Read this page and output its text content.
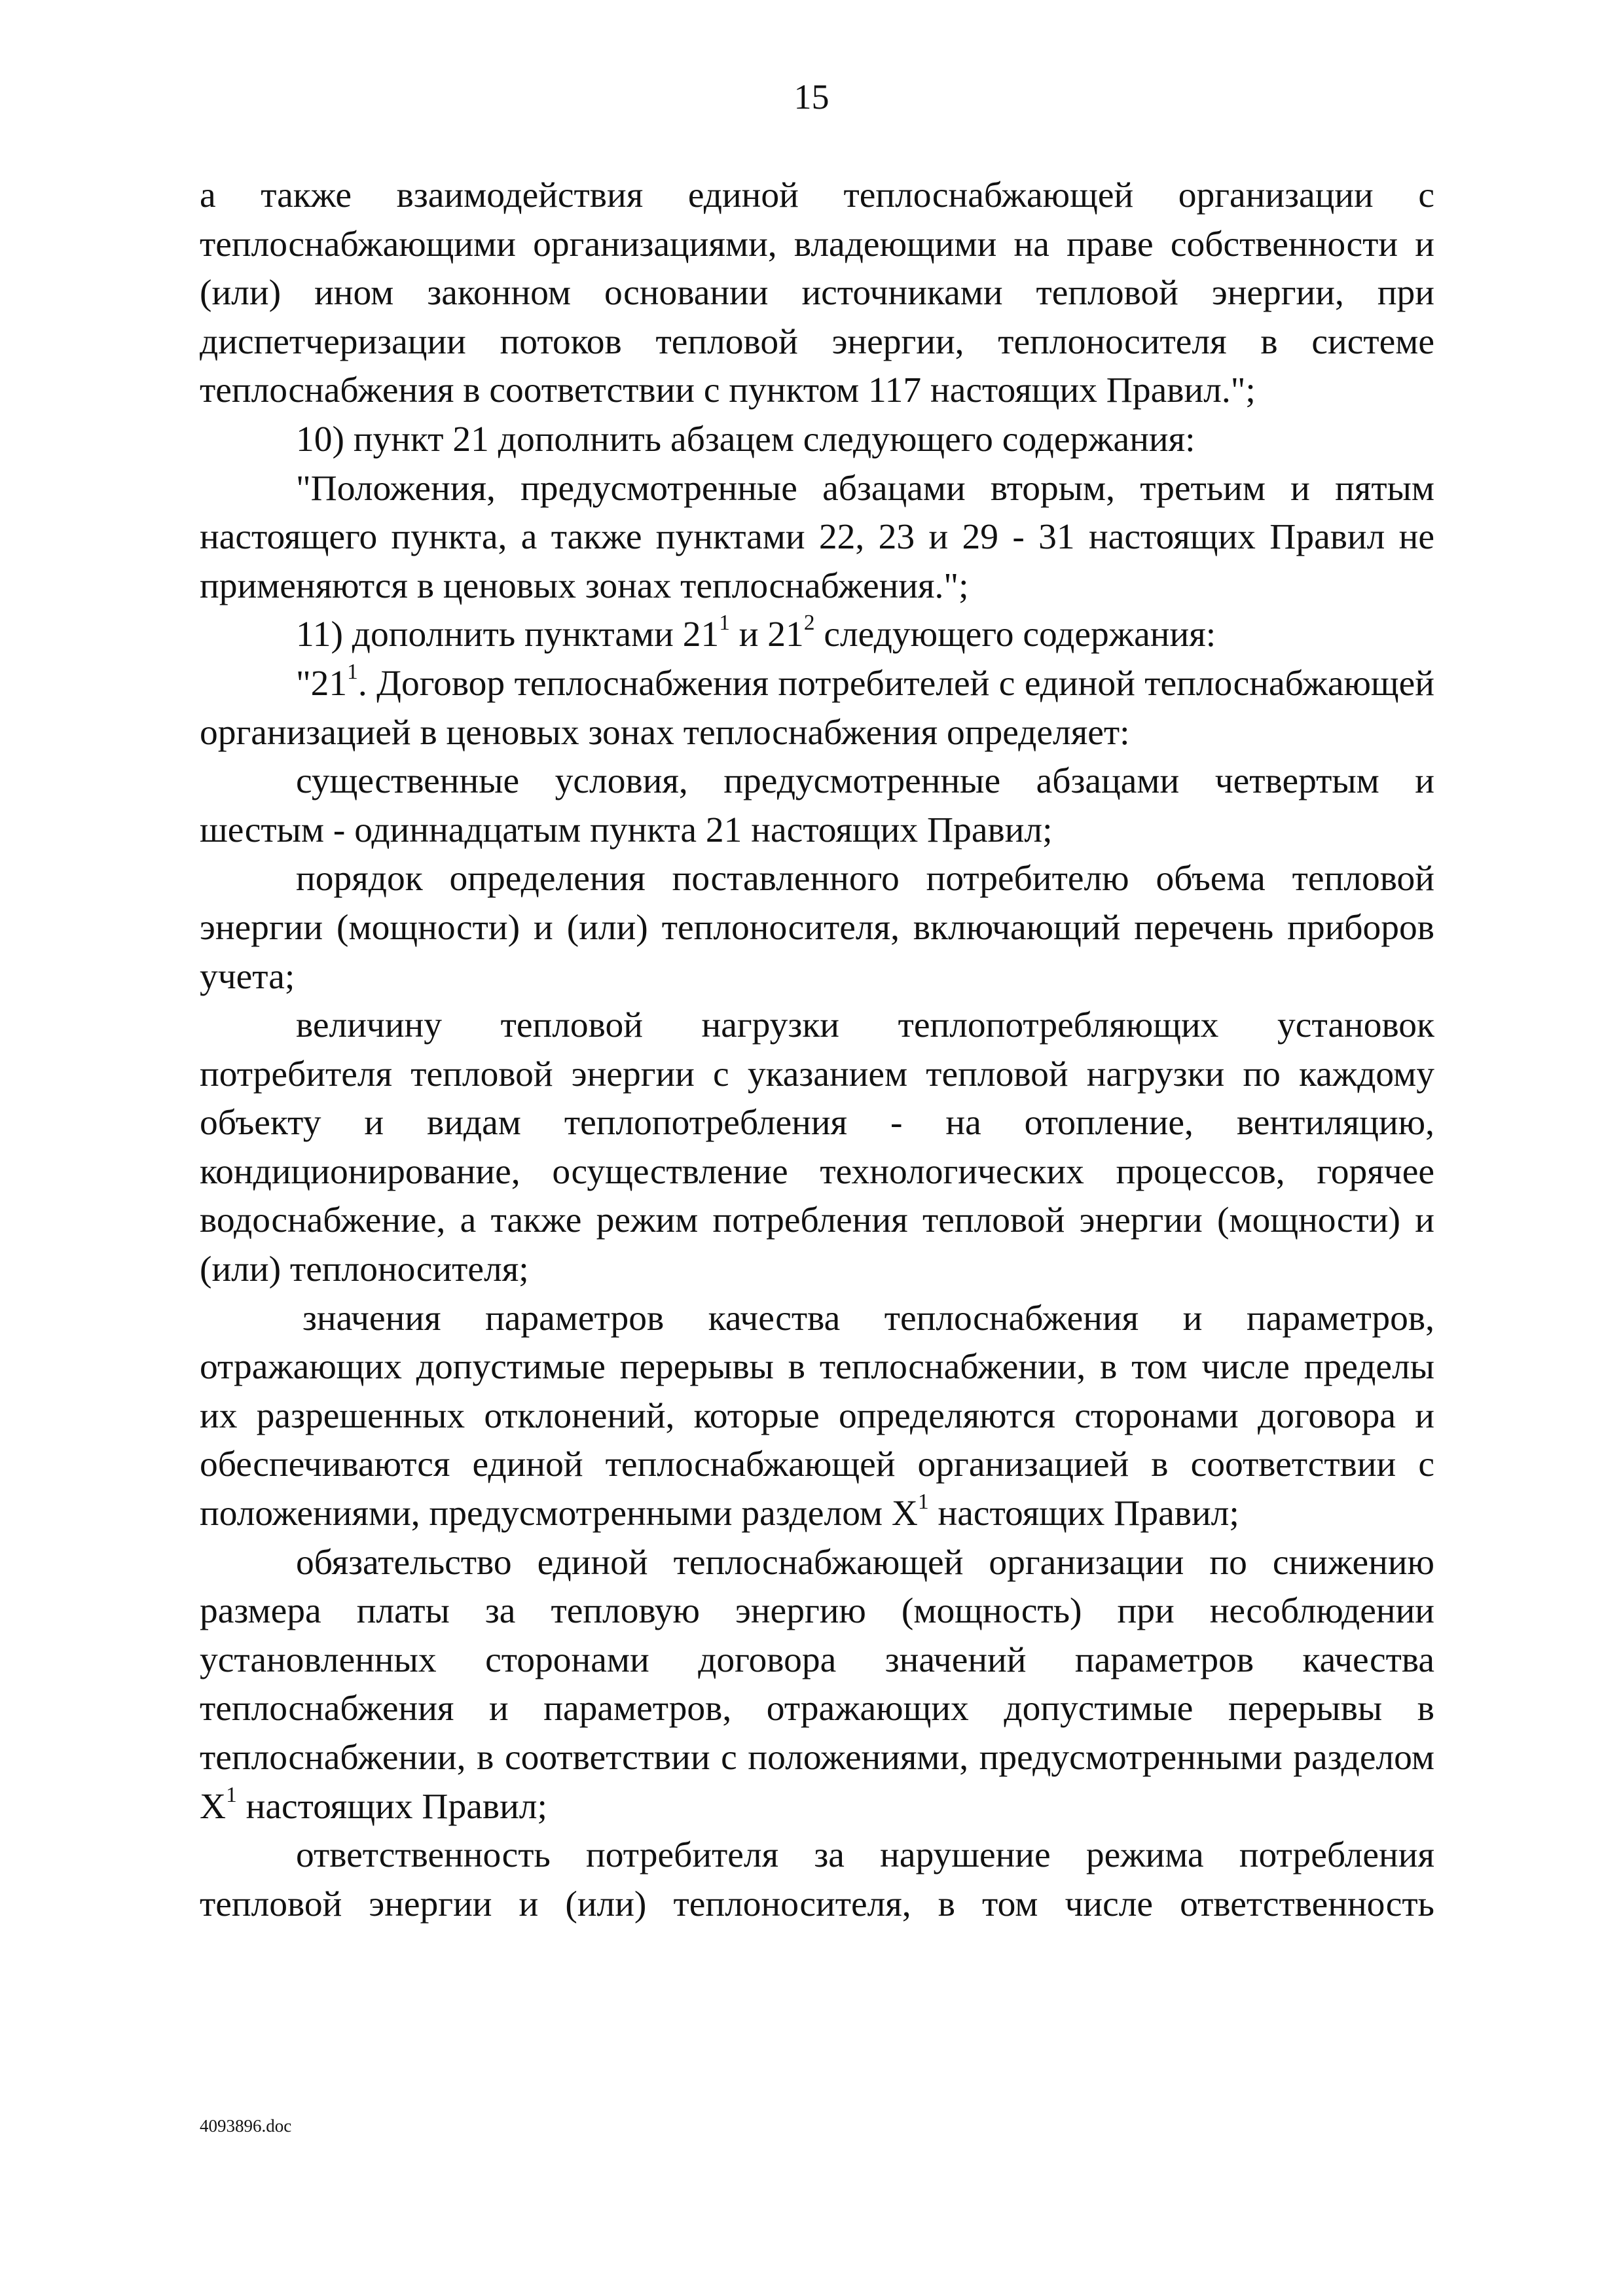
15

а также взаимодействия единой теплоснабжающей организации с теплоснабжающими организациями, владеющими на праве собственности и (или) ином законном основании источниками тепловой энергии, при диспетчеризации потоков тепловой энергии, теплоносителя в системе теплоснабжения в соответствии с пунктом 117 настоящих Правил.";

10) пункт 21 дополнить абзацем следующего содержания:

"Положения, предусмотренные абзацами вторым, третьим и пятым настоящего пункта, а также пунктами 22, 23 и 29 - 31 настоящих Правил не применяются в ценовых зонах теплоснабжения.";

11) дополнить пунктами $21^1$ и $21^2$ следующего содержания:

"$21^1$. Договор теплоснабжения потребителей с единой теплоснабжающей организацией в ценовых зонах теплоснабжения определяет:

существенные условия, предусмотренные абзацами четвертым и шестым - одиннадцатым пункта 21 настоящих Правил;

порядок определения поставленного потребителю объема тепловой энергии (мощности) и (или) теплоносителя, включающий перечень приборов учета;

величину тепловой нагрузки теплопотребляющих установок потребителя тепловой энергии с указанием тепловой нагрузки по каждому объекту и видам теплопотребления - на отопление, вентиляцию, кондиционирование, осуществление технологических процессов, горячее водоснабжение, а также режим потребления тепловой энергии (мощности) и (или) теплоносителя;

значения параметров качества теплоснабжения и параметров, отражающих допустимые перерывы в теплоснабжении, в том числе пределы их разрешенных отклонений, которые определяются сторонами договора и обеспечиваются единой теплоснабжающей организацией в соответствии с положениями, предусмотренными разделом $X^1$ настоящих Правил;

обязательство единой теплоснабжающей организации по снижению размера платы за тепловую энергию (мощность) при несоблюдении установленных сторонами договора значений параметров качества теплоснабжения и параметров, отражающих допустимые перерывы в теплоснабжении, в соответствии с положениями, предусмотренными разделом $X^1$ настоящих Правил;

ответственность потребителя за нарушение режима потребления тепловой энергии и (или) теплоносителя, в том числе ответственность

4093896.doc
